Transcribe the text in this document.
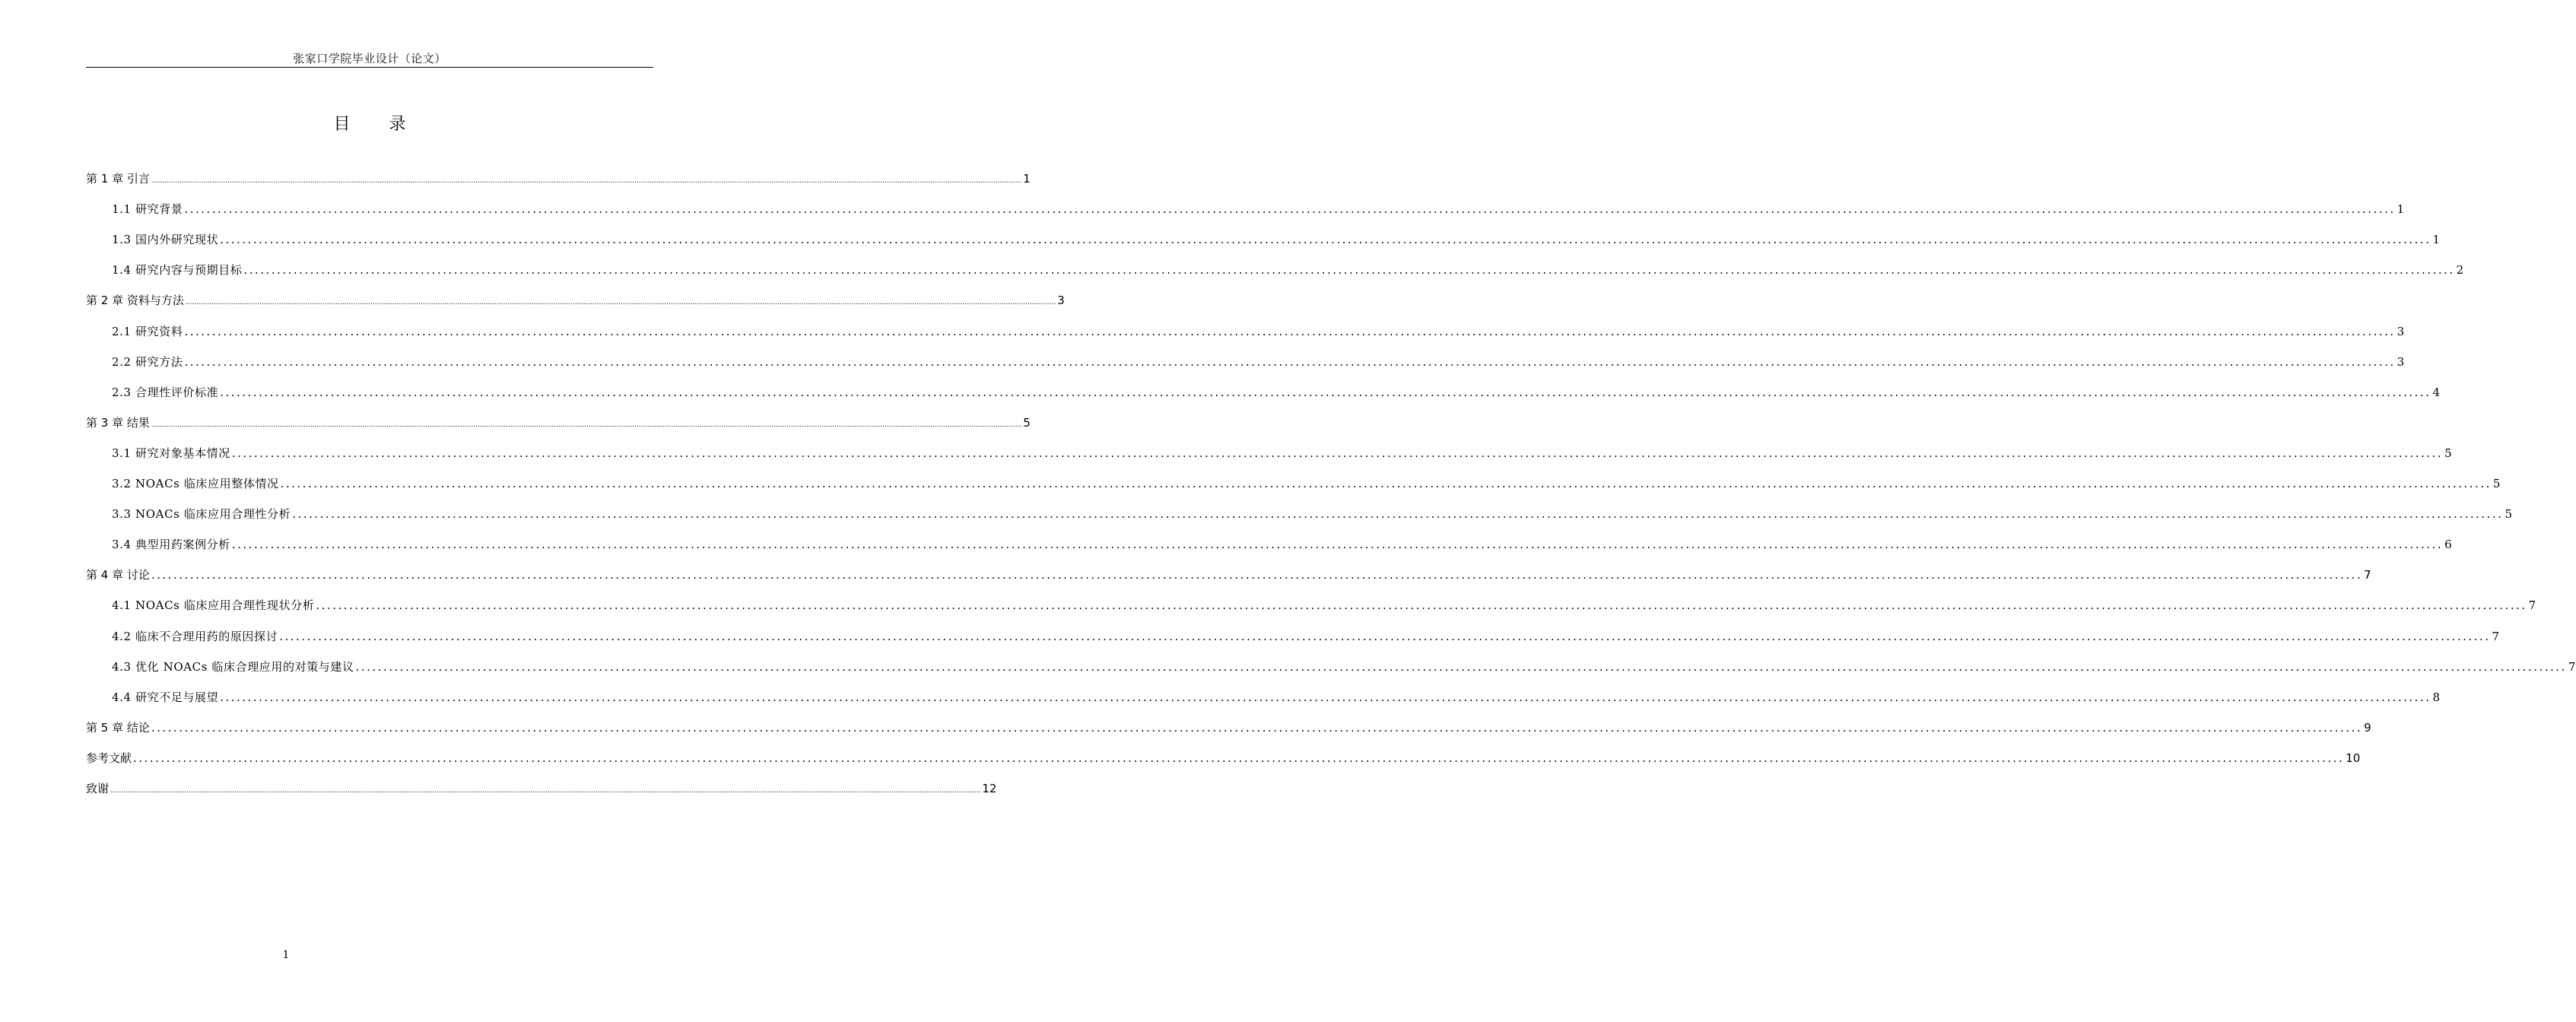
张家口学院毕业设计（论文）
目 录
第 1 章 引言 ................................................................................................................................................................................................................................................................................................................................................................................................................ 1
1.1 研究背景 ................................................................................................................................................................................................................................................................................................................................................................................................................ 1
1.3 国内外研究现状 ................................................................................................................................................................................................................................................................................................................................................................................................................ 1
1.4 研究内容与预期目标 ................................................................................................................................................................................................................................................................................................................................................................................................................ 2
第 2 章 资料与方法 ................................................................................................................................................................................................................................................................................................................................................................................................................ 3
2.1 研究资料 ................................................................................................................................................................................................................................................................................................................................................................................................................ 3
2.2 研究方法 ................................................................................................................................................................................................................................................................................................................................................................................................................ 3
2.3 合理性评价标准 ................................................................................................................................................................................................................................................................................................................................................................................................................ 4
第 3 章 结果 ................................................................................................................................................................................................................................................................................................................................................................................................................ 5
3.1 研究对象基本情况 ................................................................................................................................................................................................................................................................................................................................................................................................................ 5
3.2 NOACs 临床应用整体情况 ................................................................................................................................................................................................................................................................................................................................................................................................................ 5
3.3 NOACs 临床应用合理性分析 ................................................................................................................................................................................................................................................................................................................................................................................................................ 5
3.4 典型用药案例分析 ................................................................................................................................................................................................................................................................................................................................................................................................................ 6
第 4 章 讨论 ................................................................................................................................................................................................................................................................................................................................................................................................................ 7
4.1 NOACs 临床应用合理性现状分析 ................................................................................................................................................................................................................................................................................................................................................................................................................ 7
4.2 临床不合理用药的原因探讨 ................................................................................................................................................................................................................................................................................................................................................................................................................ 7
4.3 优化 NOACs 临床合理应用的对策与建议 ................................................................................................................................................................................................................................................................................................................................................................................................................ 7
4.4 研究不足与展望 ................................................................................................................................................................................................................................................................................................................................................................................................................ 8
第 5 章 结论 ................................................................................................................................................................................................................................................................................................................................................................................................................ 9
参考文献 ................................................................................................................................................................................................................................................................................................................................................................................................................ 10
致谢 ................................................................................................................................................................................................................................................................................................................................................................................................................ 12
1
